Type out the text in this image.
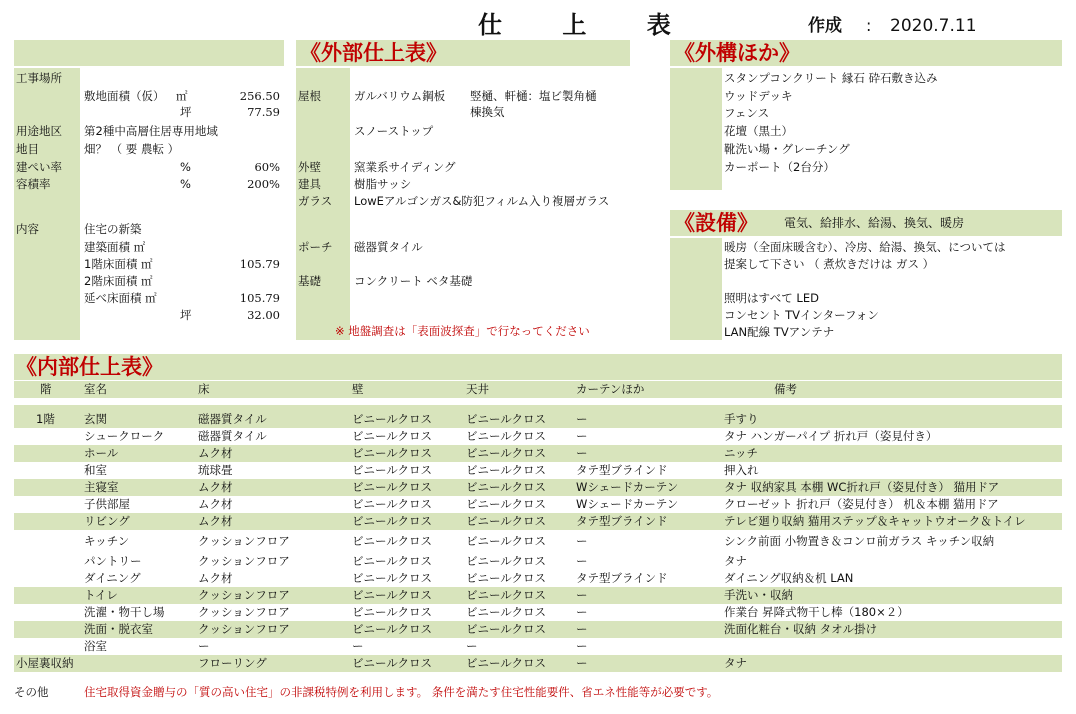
仕 上 表	作成 : 2020.7.11
《外部仕上表》	《外構ほか》
《設備》 電気、給排水、給湯、換気、暖房
工事場所
敷地面積（仮） ㎡	256.50
坪	77.59
用途地区 第2種中高層住居専用地域
地目	畑？ （ 要 農転 ）
建ぺい率	%	60%
容積率	%	200%
内容	住宅の新築
建築面積 ㎡
1階床面積 ㎡	105.79
2階床面積 ㎡
延べ床面積 ㎡	105.79
坪	32.00
屋根	ガルバリウム鋼板 竪樋、軒樋：塩ビ製角樋
棟換気
スノーストップ
外壁	窯業系サイディング
建具	樹脂サッシ
ガラス LowEアルゴンガス&防犯フィルム入り複層ガラス
ポーチ 磁器質タイル
基礎	コンクリート ベタ基礎
※ 地盤調査は「表面波探査」で行なってください
スタンプコンクリート 縁石 砕石敷き込み
ウッドデッキ
フェンス
花壇（黒土）
靴洗い場・グレーチング
カーポート（2台分）
暖房（全面床暖含む）、冷房、給湯、換気、については
提案して下さい （ 煮炊きだけは ガス ）
照明はすべて LED
コンセント TVインターフォン
LAN配線 TVアンテナ
《内部仕上表》
階	室名	床	壁	天井	カーテンほか	備考
1階	玄関	磁器質タイル	ビニールクロス	ビニールクロス	ー	手すり
シュークローク	磁器質タイル	ビニールクロス	ビニールクロス	ー	タナ ハンガーパイプ 折れ戸（姿見付き）
ホール	ムク材	ビニールクロス	ビニールクロス	ー	ニッチ
和室	琉球畳	ビニールクロス	ビニールクロス	タテ型ブラインド	押入れ
主寝室	ムク材	ビニールクロス	ビニールクロス	Wシェードカーテン	タナ 収納家具 本棚 WC折れ戸（姿見付き） 猫用ドア
子供部屋	ムク材	ビニールクロス	ビニールクロス	Wシェードカーテン	クローゼット 折れ戸（姿見付き） 机＆本棚 猫用ドア
リビング	ムク材	ビニールクロス	ビニールクロス	タテ型ブラインド	テレビ廻り収納 猫用ステップ＆キャットウオーク＆トイレ
キッチン	クッションフロア	ビニールクロス	ビニールクロス	ー	シンク前面 小物置き＆コンロ前ガラス キッチン収納
パントリー	クッションフロア	ビニールクロス	ビニールクロス	ー	タナ
ダイニング	ムク材	ビニールクロス	ビニールクロス	タテ型ブラインド	ダイニング収納＆机 LAN
トイレ	クッションフロア	ビニールクロス	ビニールクロス	ー	手洗い・収納
洗濯・物干し場	クッションフロア	ビニールクロス	ビニールクロス	ー	作業台 昇降式物干し棒（180×２）
洗面・脱衣室	クッションフロア	ビニールクロス	ビニールクロス	ー	洗面化粧台・収納 タオル掛け
浴室	ー	ー	ー	ー
小屋裏収納	フローリング	ビニールクロス	ビニールクロス	ー	タナ
その他	住宅取得資金贈与の「質の高い住宅」の非課税特例を利用します。 条件を満たす住宅性能要件、省エネ性能等が必要です。
